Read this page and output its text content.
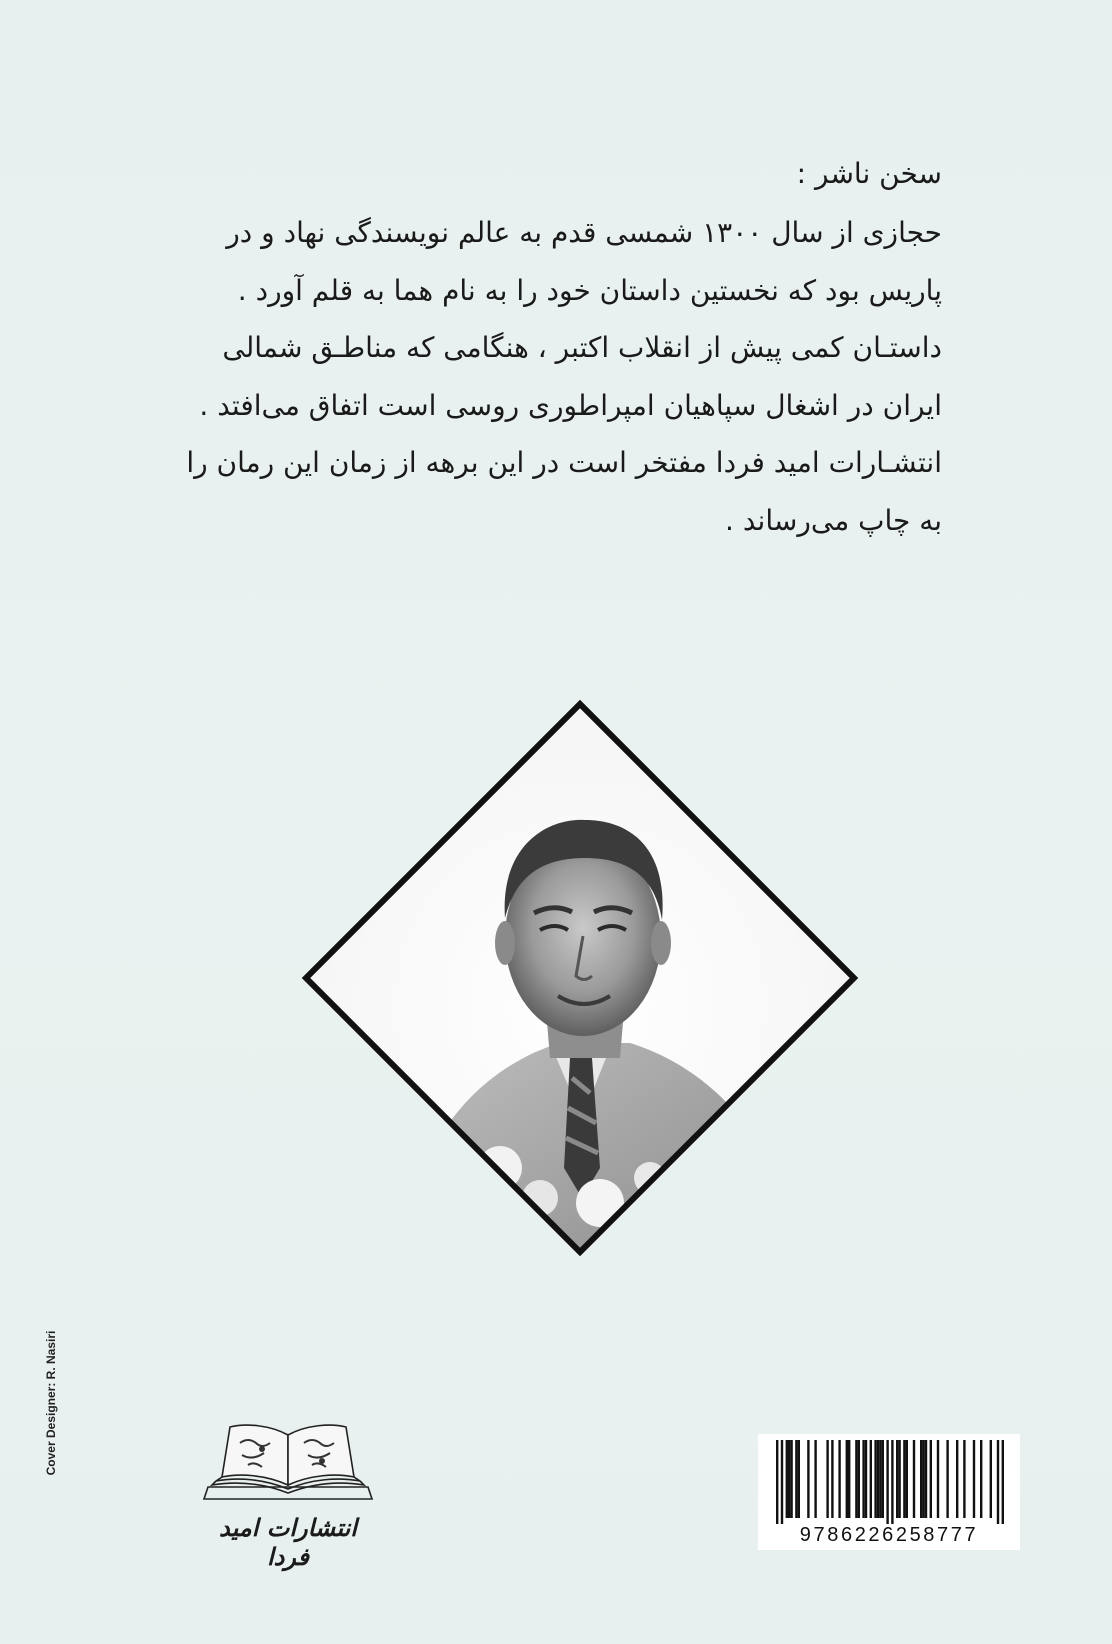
سخن ناشر :
حجازی از سال ۱۳۰۰ شمسی قدم به عالم نویسندگی نهاد و در
پاریس بود که نخستین داستان خود را به نام هما به قلم آورد .
داستـان کمی پیش از انقلاب اکتبر ، هنگامی که مناطـق شمالی
ایران در اشغال سپاهیان امپراطوری روسی است اتفاق می‌افتد .
انتشـارات امید فردا مفتخر است در این برهه از زمان این رمان را
به چاپ می‌رساند .
Cover Designer: R. Nasiri
انتشارات امید فردا
9786226258777
